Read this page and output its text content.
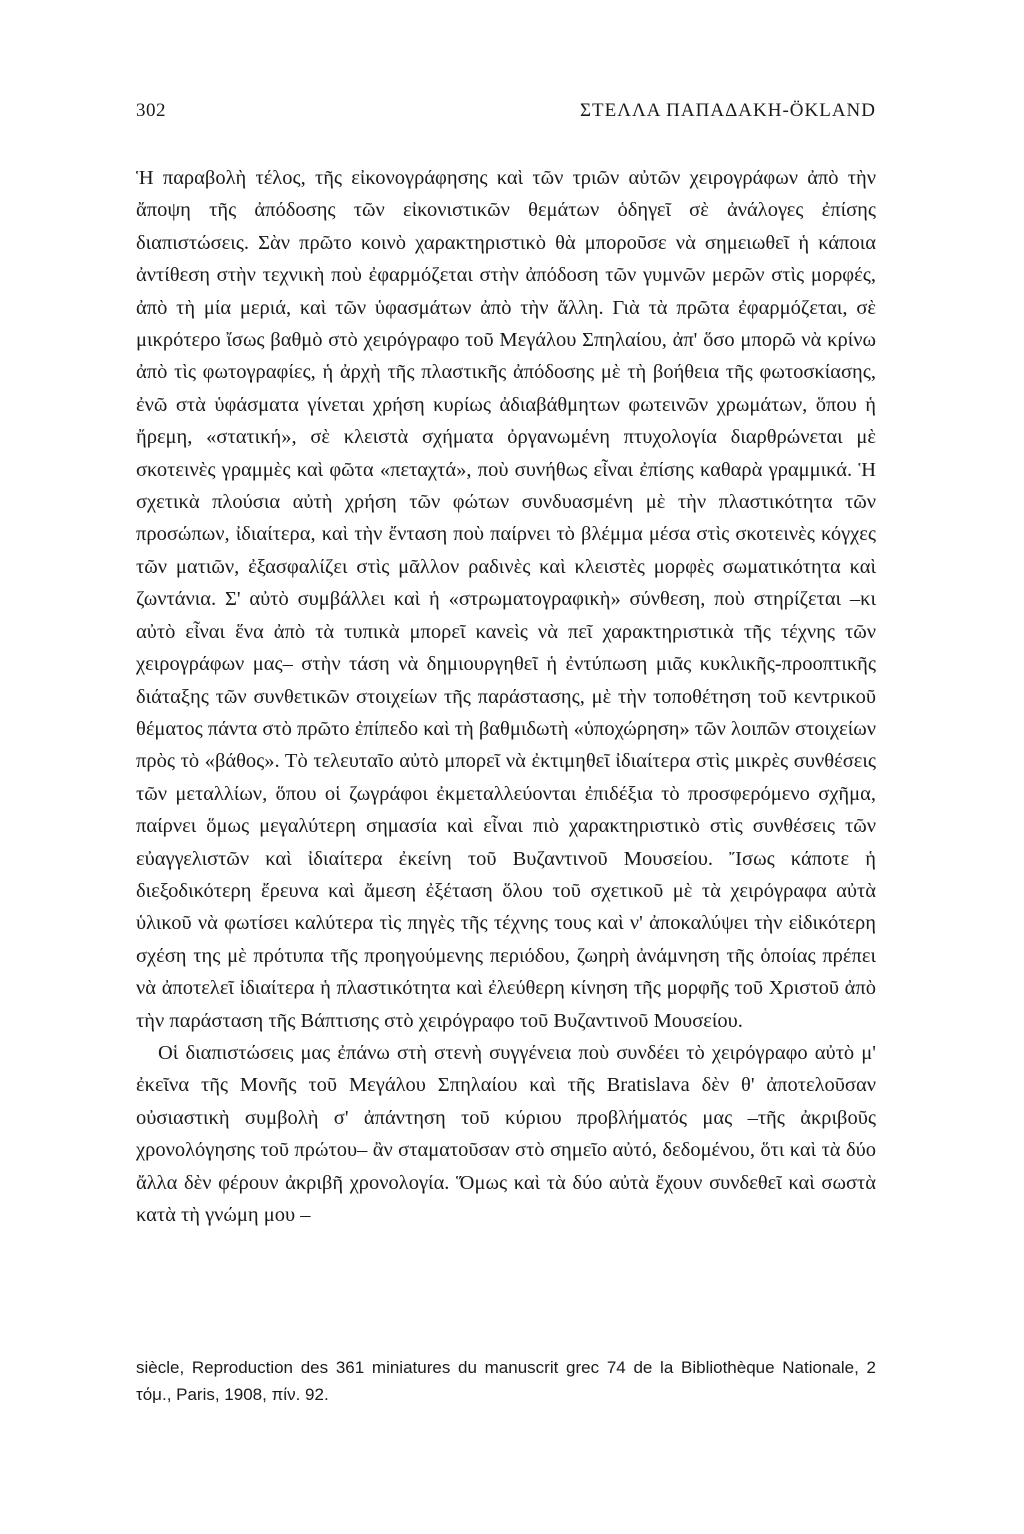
302	ΣΤΕΛΛΑ ΠΑΠΑΔΑΚΗ-ÖKLAND

Ἡ παραβολὴ τέλος, τῆς εἰκονογράφησης καὶ τῶν τριῶν αὐτῶν χειρογράφων ἀπὸ τὴν ἄποψη τῆς ἀπόδοσης τῶν εἰκονιστικῶν θεμάτων ὁδηγεῖ σὲ ἀνάλογες ἐπίσης διαπιστώσεις. Σὰν πρῶτο κοινὸ χαρακτηριστικὸ θὰ μποροῦσε νὰ σημειωθεῖ ἡ κάποια ἀντίθεση στὴν τεχνικὴ ποὺ ἐφαρμόζεται στὴν ἀπόδοση τῶν γυμνῶν μερῶν στὶς μορφές, ἀπὸ τὴ μία μεριά, καὶ τῶν ὑφασμάτων ἀπὸ τὴν ἄλλη. Γιὰ τὰ πρῶτα ἐφαρμόζεται, σὲ μικρότερο ἴσως βαθμὸ στὸ χειρόγραφο τοῦ Μεγάλου Σπηλαίου, ἀπ' ὅσο μπορῶ νὰ κρίνω ἀπὸ τὶς φωτογραφίες, ἡ ἀρχὴ τῆς πλαστικῆς ἀπόδοσης μὲ τὴ βοήθεια τῆς φωτοσκίασης, ἐνῶ στὰ ὑφάσματα γίνεται χρήση κυρίως ἀδιαβάθμητων φωτεινῶν χρωμάτων, ὅπου ἡ ἤρεμη, «στατική», σὲ κλειστὰ σχήματα ὀργανωμένη πτυχολογία διαρθρώνεται μὲ σκοτεινὲς γραμμὲς καὶ φῶτα «πεταχτά», ποὺ συνήθως εἶναι ἐπίσης καθαρὰ γραμμικά. Ἡ σχετικὰ πλούσια αὐτὴ χρήση τῶν φώτων συνδυασμένη μὲ τὴν πλαστικότητα τῶν προσώπων, ἰδιαίτερα, καὶ τὴν ἔνταση ποὺ παίρνει τὸ βλέμμα μέσα στὶς σκοτεινὲς κόγχες τῶν ματιῶν, ἐξασφαλίζει στὶς μᾶλλον ραδινὲς καὶ κλειστὲς μορφὲς σωματικότητα καὶ ζωντάνια. Σ' αὐτὸ συμβάλλει καὶ ἡ «στρωματογραφικὴ» σύνθεση, ποὺ στηρίζεται –κι αὐτὸ εἶναι ἕνα ἀπὸ τὰ τυπικὰ μπορεῖ κανεὶς νὰ πεῖ χαρακτηριστικὰ τῆς τέχνης τῶν χειρογράφων μας– στὴν τάση νὰ δημιουργηθεῖ ἡ ἐντύπωση μιᾶς κυκλικῆς-προοπτικῆς διάταξης τῶν συνθετικῶν στοιχείων τῆς παράστασης, μὲ τὴν τοποθέτηση τοῦ κεντρικοῦ θέματος πάντα στὸ πρῶτο ἐπίπεδο καὶ τὴ βαθμιδωτὴ «ὑποχώρηση» τῶν λοιπῶν στοιχείων πρὸς τὸ «βάθος». Τὸ τελευταῖο αὐτὸ μπορεῖ νὰ ἐκτιμηθεῖ ἰδιαίτερα στὶς μικρὲς συνθέσεις τῶν μεταλλίων, ὅπου οἱ ζωγράφοι ἐκμεταλλεύονται ἐπιδέξια τὸ προσφερόμενο σχῆμα, παίρνει ὅμως μεγαλύτερη σημασία καὶ εἶναι πιὸ χαρακτηριστικὸ στὶς συνθέσεις τῶν εὐαγγελιστῶν καὶ ἰδιαίτερα ἐκείνη τοῦ Βυζαντινοῦ Μουσείου. Ἴσως κάποτε ἡ διεξοδικότερη ἔρευνα καὶ ἄμεση ἐξέταση ὅλου τοῦ σχετικοῦ μὲ τὰ χειρόγραφα αὐτὰ ὑλικοῦ νὰ φωτίσει καλύτερα τὶς πηγὲς τῆς τέχνης τους καὶ ν' ἀποκαλύψει τὴν εἰδικότερη σχέση της μὲ πρότυπα τῆς προηγούμενης περιόδου, ζωηρὴ ἀνάμνηση τῆς ὁποίας πρέπει νὰ ἀποτελεῖ ἰδιαίτερα ἡ πλαστικότητα καὶ ἐλεύθερη κίνηση τῆς μορφῆς τοῦ Χριστοῦ ἀπὸ τὴν παράσταση τῆς Βάπτισης στὸ χειρόγραφο τοῦ Βυζαντινοῦ Μουσείου.

Οἱ διαπιστώσεις μας ἐπάνω στὴ στενὴ συγγένεια ποὺ συνδέει τὸ χειρόγραφο αὐτὸ μ' ἐκεῖνα τῆς Μονῆς τοῦ Μεγάλου Σπηλαίου καὶ τῆς Bratislava δὲν θ' ἀποτελοῦσαν οὐσιαστικὴ συμβολὴ σ' ἀπάντηση τοῦ κύριου προβλήματός μας –τῆς ἀκριβοῦς χρονολόγησης τοῦ πρώτου– ἂν σταματοῦσαν στὸ σημεῖο αὐτό, δεδομένου, ὅτι καὶ τὰ δύο ἄλλα δὲν φέρουν ἀκριβῆ χρονολογία. Ὅμως καὶ τὰ δύο αὐτὰ ἔχουν συνδεθεῖ καὶ σωστὰ κατὰ τὴ γνώμη μου –

siècle, Reproduction des 361 miniatures du manuscrit grec 74 de la Bibliothèque Nationale, 2 τόμ., Paris, 1908, πίν. 92.
